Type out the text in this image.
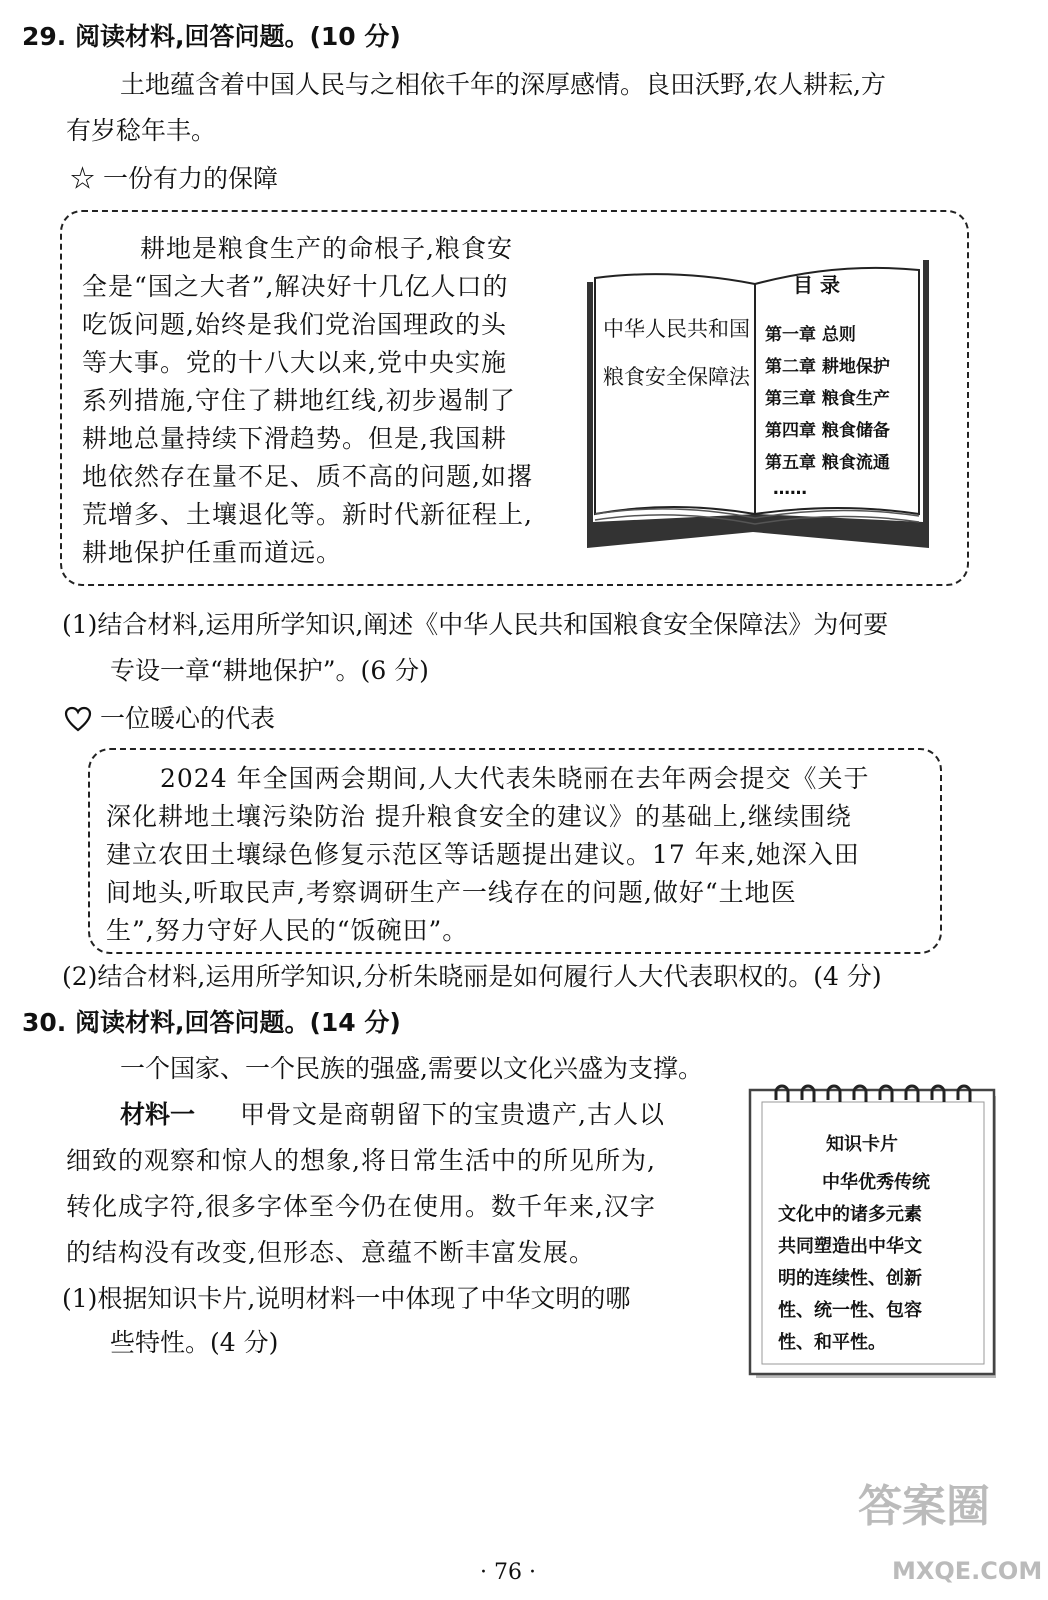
29. 阅读材料,回答问题。(10 分)
土地蕴含着中国人民与之相依千年的深厚感情。良田沃野,农人耕耘,方
有岁稔年丰。
☆ 一份有力的保障
耕地是粮食生产的命根子,粮食安
全是“国之大者”,解决好十几亿人口的
吃饭问题,始终是我们党治国理政的头
等大事。党的十八大以来,党中央实施
系列措施,守住了耕地红线,初步遏制了
耕地总量持续下滑趋势。但是,我国耕
地依然存在量不足、质不高的问题,如撂
荒增多、土壤退化等。新时代新征程上,
耕地保护任重而道远。
中华人民共和国
粮食安全保障法
目 录
第一章 总则
第二章 耕地保护
第三章 粮食生产
第四章 粮食储备
第五章 粮食流通
……
(1)结合材料,运用所学知识,阐述《中华人民共和国粮食安全保障法》为何要
专设一章“耕地保护”。(6 分)
一位暖心的代表
2024 年全国两会期间,人大代表朱晓丽在去年两会提交《关于
深化耕地土壤污染防治 提升粮食安全的建议》的基础上,继续围绕
建立农田土壤绿色修复示范区等话题提出建议。17 年来,她深入田
间地头,听取民声,考察调研生产一线存在的问题,做好“土地医
生”,努力守好人民的“饭碗田”。
(2)结合材料,运用所学知识,分析朱晓丽是如何履行人大代表职权的。(4 分)
30. 阅读材料,回答问题。(14 分)
一个国家、一个民族的强盛,需要以文化兴盛为支撑。
材料一 甲骨文是商朝留下的宝贵遗产,古人以
细致的观察和惊人的想象,将日常生活中的所见所为,
转化成字符,很多字体至今仍在使用。数千年来,汉字
的结构没有改变,但形态、意蕴不断丰富发展。
(1)根据知识卡片,说明材料一中体现了中华文明的哪
些特性。(4 分)
知识卡片
中华优秀传统
文化中的诸多元素
共同塑造出中华文
明的连续性、创新
性、统一性、包容
性、和平性。
· 76 ·
答案圈
MXQE.COM
